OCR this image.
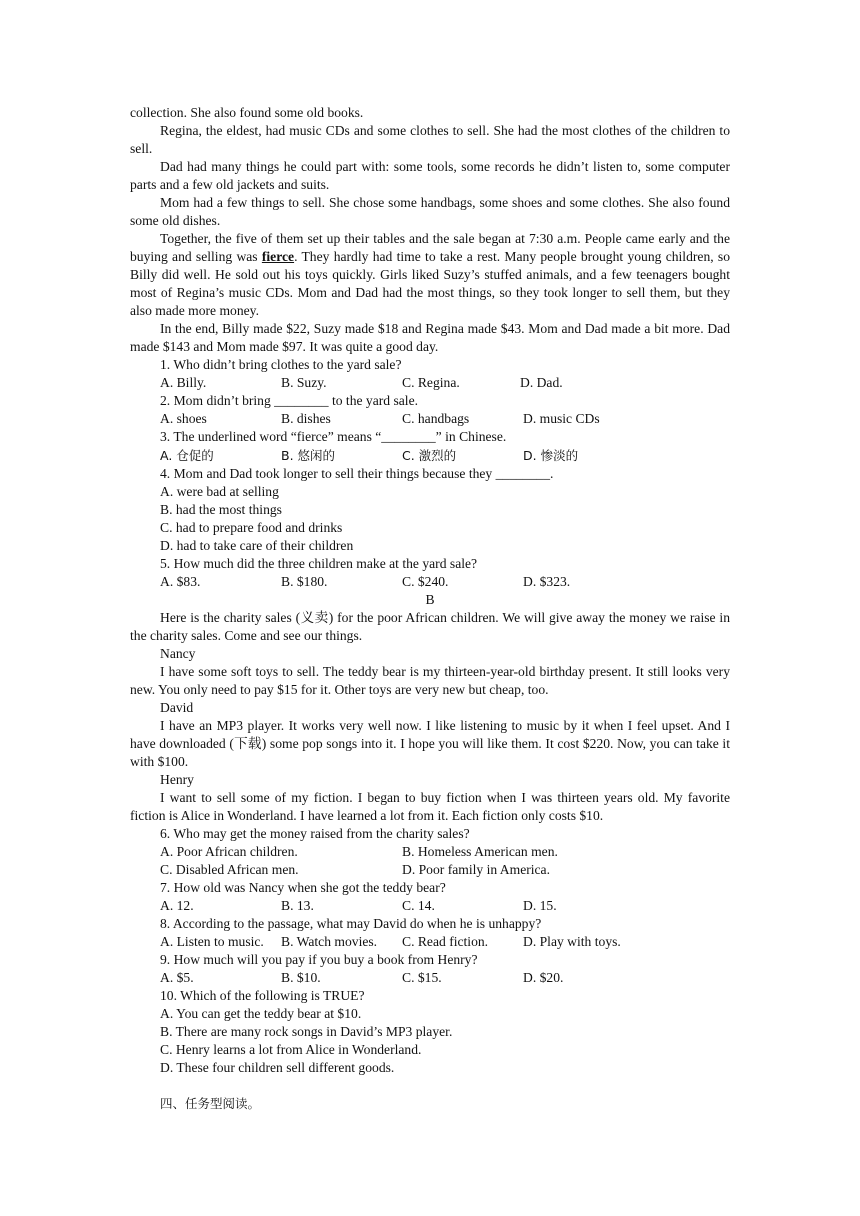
collection. She also found some old books.

Regina, the eldest, had music CDs and some clothes to sell. She had the most clothes of the children to sell.

Dad had many things he could part with: some tools, some records he didn’t listen to, some computer parts and a few old jackets and suits.

Mom had a few things to sell. She chose some handbags, some shoes and some clothes. She also found some old dishes.

Together, the five of them set up their tables and the sale began at 7:30 a.m. People came early and the buying and selling was fierce. They hardly had time to take a rest. Many people brought young children, so Billy did well. He sold out his toys quickly. Girls liked Suzy’s stuffed animals, and a few teenagers bought most of Regina’s music CDs. Mom and Dad had the most things, so they took longer to sell them, but they also made more money.

In the end, Billy made $22, Suzy made $18 and Regina made $43. Mom and Dad made a bit more. Dad made $143 and Mom made $97. It was quite a good day.

1. Who didn’t bring clothes to the yard sale?

A. Billy.	B. Suzy.	C. Regina.	D. Dad.

2. Mom didn’t bring ________ to the yard sale.

A. shoes	B. dishes	C. handbags	D. music CDs

3. The underlined word “fierce” means “________” in Chinese.

A. 仓促的	B. 悠闲的	C. 激烈的	D. 惨淡的

4. Mom and Dad took longer to sell their things because they ________.

A. were bad at selling

B. had the most things

C. had to prepare food and drinks

D. had to take care of their children

5. How much did the three children make at the yard sale?

A. $83.	B. $180.	C. $240.	D. $323.

B

Here is the charity sales (义卖) for the poor African children. We will give away the money we raise in the charity sales. Come and see our things.

Nancy

I have some soft toys to sell. The teddy bear is my thirteen-year-old birthday present. It still looks very new. You only need to pay $15 for it. Other toys are very new but cheap, too.

David

I have an MP3 player. It works very well now. I like listening to music by it when I feel upset. And I have downloaded (下载) some pop songs into it. I hope you will like them. It cost $220. Now, you can take it with $100.

Henry

I want to sell some of my fiction. I began to buy fiction when I was thirteen years old. My favorite fiction is Alice in Wonderland. I have learned a lot from it. Each fiction only costs $10.

6. Who may get the money raised from the charity sales?

A. Poor African children.	B. Homeless American men.
C. Disabled African men.	D. Poor family in America.

7. How old was Nancy when she got the teddy bear?

A. 12.	B. 13.	C. 14.	D. 15.

8. According to the passage, what may David do when he is unhappy?

A. Listen to music.	B. Watch movies.	C. Read fiction.	D. Play with toys.

9. How much will you pay if you buy a book from Henry?

A. $5.	B. $10.	C. $15.	D. $20.

10. Which of the following is TRUE?

A. You can get the teddy bear at $10.

B. There are many rock songs in David’s MP3 player.

C. Henry learns a lot from Alice in Wonderland.

D. These four children sell different goods.

四、任务型阅读。
